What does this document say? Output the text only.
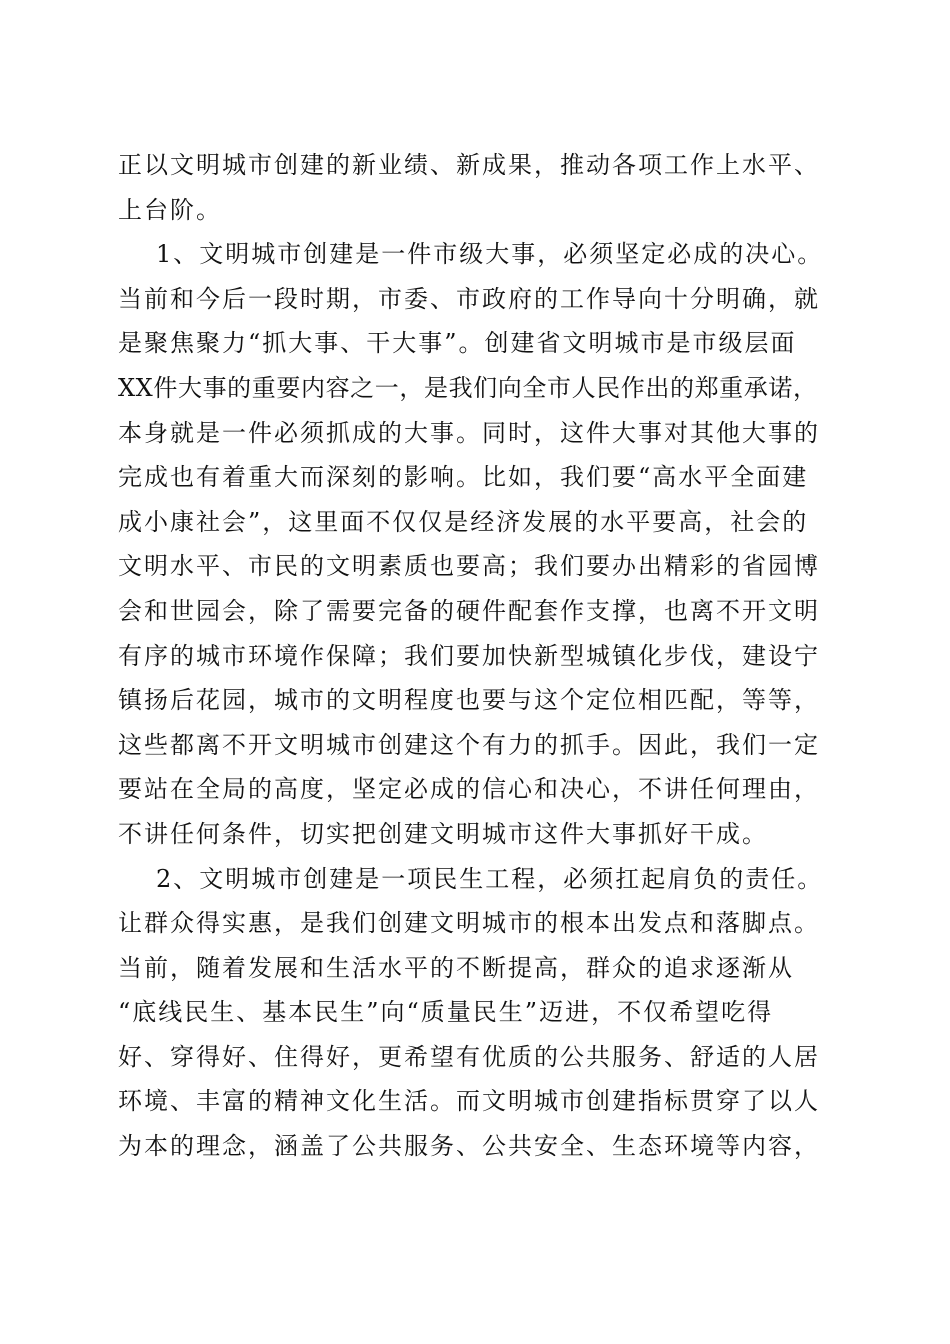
正以文明城市创建的新业绩、新成果，推动各项工作上水平、
上台阶。
1、文明城市创建是一件市级大事，必须坚定必成的决心。
当前和今后一段时期，市委、市政府的工作导向十分明确，就
是聚焦聚力“抓大事、干大事”。创建省文明城市是市级层面
XX件大事的重要内容之一，是我们向全市人民作出的郑重承诺，
本身就是一件必须抓成的大事。同时，这件大事对其他大事的
完成也有着重大而深刻的影响。比如，我们要“高水平全面建
成小康社会”，这里面不仅仅是经济发展的水平要高，社会的
文明水平、市民的文明素质也要高；我们要办出精彩的省园博
会和世园会，除了需要完备的硬件配套作支撑，也离不开文明
有序的城市环境作保障；我们要加快新型城镇化步伐，建设宁
镇扬后花园，城市的文明程度也要与这个定位相匹配，等等，
这些都离不开文明城市创建这个有力的抓手。因此，我们一定
要站在全局的高度，坚定必成的信心和决心，不讲任何理由，
不讲任何条件，切实把创建文明城市这件大事抓好干成。
2、文明城市创建是一项民生工程，必须扛起肩负的责任。
让群众得实惠，是我们创建文明城市的根本出发点和落脚点。
当前，随着发展和生活水平的不断提高，群众的追求逐渐从
“底线民生、基本民生”向“质量民生”迈进，不仅希望吃得
好、穿得好、住得好，更希望有优质的公共服务、舒适的人居
环境、丰富的精神文化生活。而文明城市创建指标贯穿了以人
为本的理念，涵盖了公共服务、公共安全、生态环境等内容，
